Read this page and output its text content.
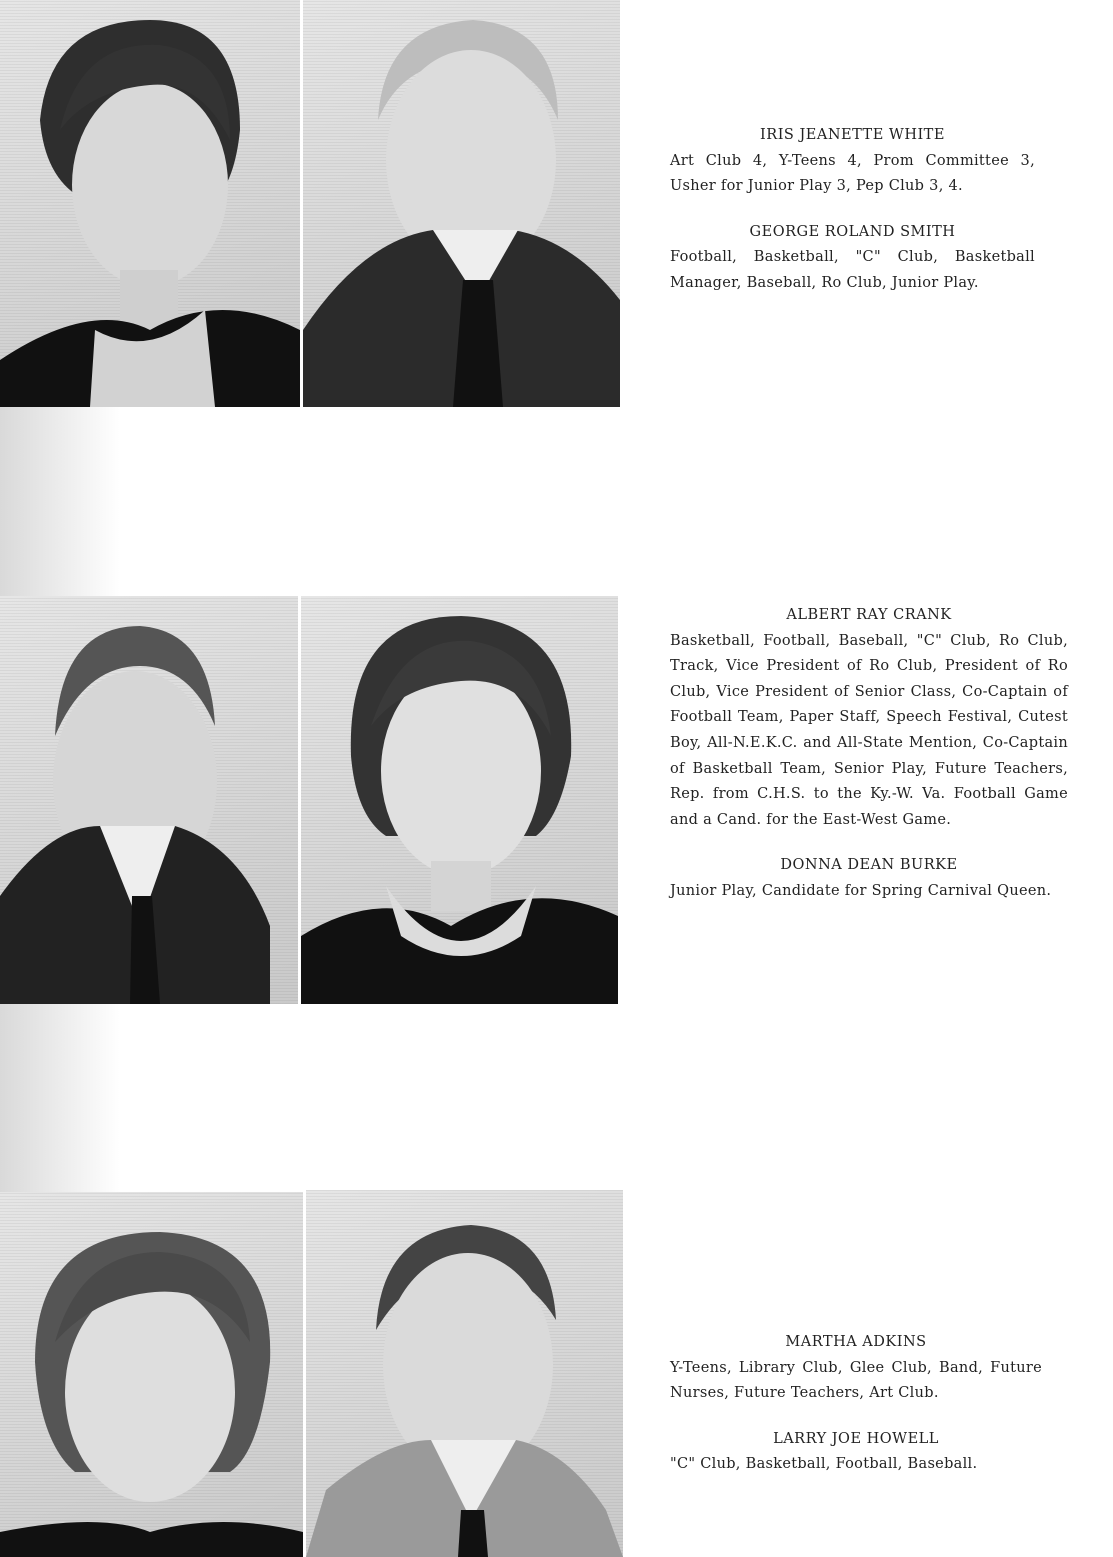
IRIS JEANETTE WHITE

Art Club 4, Y-Teens 4, Prom Committee 3, Usher for Junior Play 3, Pep Club 3, 4.

GEORGE ROLAND SMITH

Football, Basketball, "C" Club, Basketball Manager, Baseball, Ro Club, Junior Play.

ALBERT RAY CRANK

Basketball, Football, Baseball, "C" Club, Ro Club, Track, Vice President of Ro Club, President of Ro Club, Vice President of Senior Class, Co-Captain of Football Team, Paper Staff, Speech Festival, Cutest Boy, All-N.E.K.C. and All-State Mention, Co-Captain of Basketball Team, Senior Play, Future Teachers, Rep. from C.H.S. to the Ky.-W. Va. Football Game and a Cand. for the East-West Game.

DONNA DEAN BURKE

Junior Play, Candidate for Spring Carnival Queen.

MARTHA ADKINS

Y-Teens, Library Club, Glee Club, Band, Future Nurses, Future Teachers, Art Club.

LARRY JOE HOWELL

"C" Club, Basketball, Football, Baseball.
